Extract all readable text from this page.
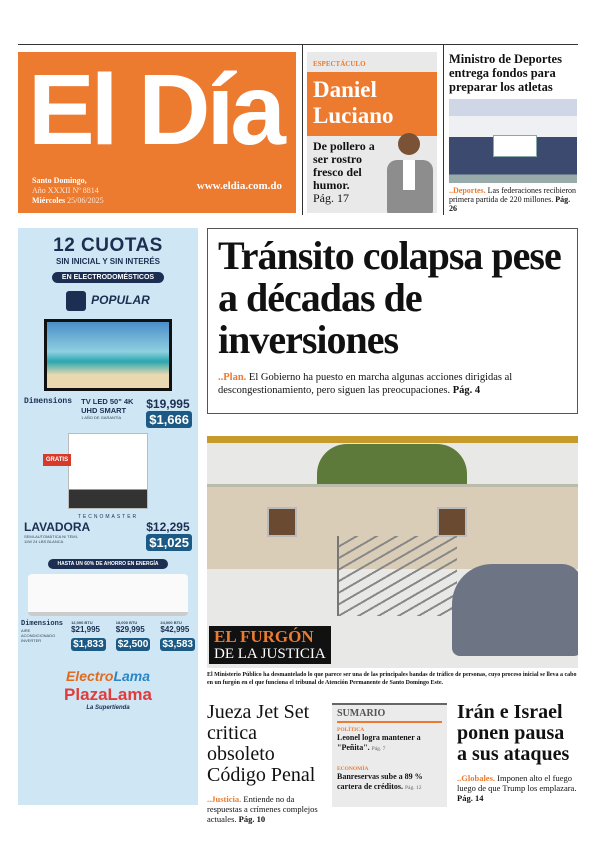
El Día
Santo Domingo,
Año XXXII Nº 8814
Miércoles 25/06/2025
www.eldia.com.do
ESPECTÁCULO
Daniel Luciano
De pollero a ser rostro fresco del humor.
Pág. 17
Ministro de Deportes entrega fondos para preparar los atletas

..Deportes. Las federaciones recibieron primera partida de 220 millones. Pág. 26

12 CUOTAS
SIN INICIAL Y SIN INTERÉS
EN ELECTRODOMÉSTICOS
POPULAR
Dimensions TV LED 50" 4K UHD SMART
1 AÑO DE GARANTÍA
$19,995
$1,666
GRATIS
TECNOMASTER
LAVADORA
SEMI-AUTOMÁTICA N/ TEMI-11W 24 LBS BLANCA
$12,295
$1,025
HASTA UN 60% DE AHORRO EN ENERGÍA
Dimensions
AIRE ACONDICIONADO INVERTER
12,000 BTU
$21,995
$1,833
18,000 BTU
$29,995
$2,500
24,000 BTU
$42,995
$3,583
ElectroLama
PlazaLama
La Supertienda
Tránsito colapsa pese a décadas de inversiones

..Plan. El Gobierno ha puesto en marcha algunas acciones dirigidas al descongestionamiento, pero siguen las preocupaciones. Pág. 4

EL FURGÓN
DE LA JUSTICIA
El Ministerio Público ha desmantelado lo que parece ser una de las principales bandas de tráfico de personas, cuyo proceso inicial se lleva a cabo en un furgón en el que funciona el tribunal de Atención Permanente de Santo Domingo Este.
Jueza Jet Set critica obsoleto Código Penal

..Justicia. Entiende no da respuestas a crímenes complejos actuales. Pág. 10

SUMARIO
POLÍTICA
Leonel logra mantener a "Peñita". Pág. 7
ECONOMÍA
Banreservas sube a 89 % cartera de créditos. Pág. 12
Irán e Israel ponen pausa a sus ataques

..Globales. Imponen alto el fuego luego de que Trump los emplazara. Pág. 14
